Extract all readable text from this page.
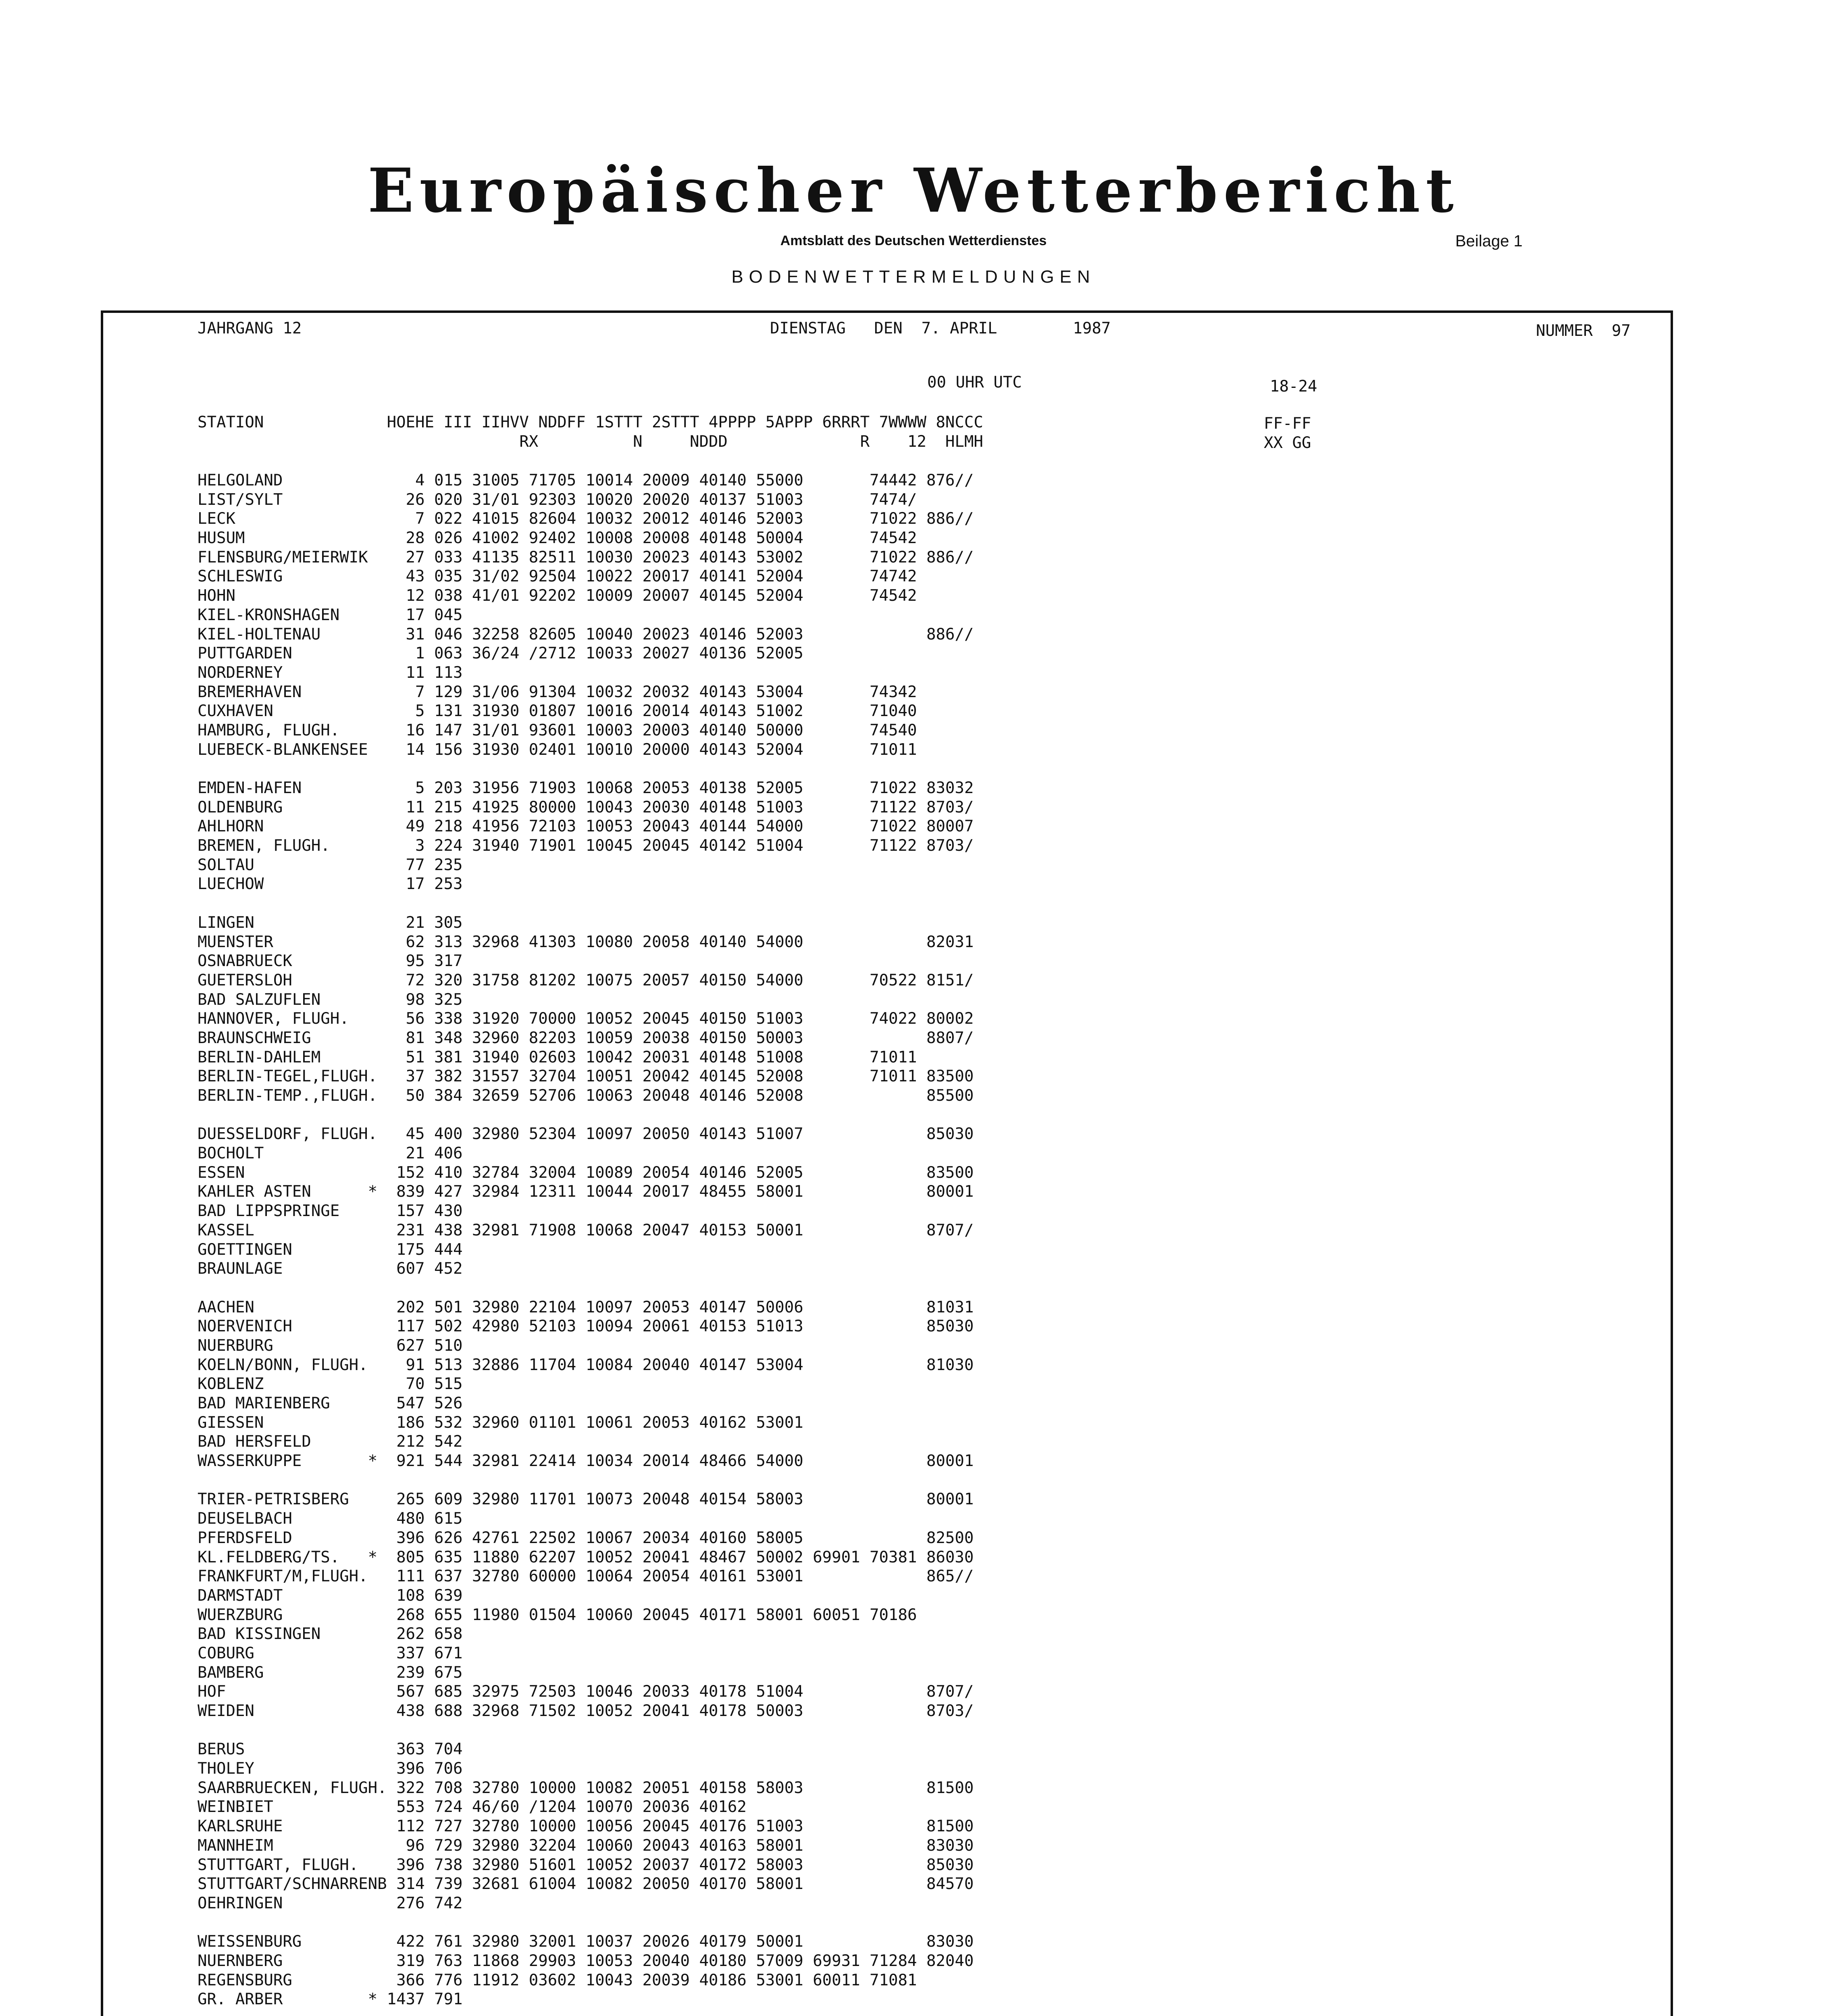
Europäischer Wetterbericht
Amtsblatt des Deutschen Wetterdienstes
BODENWETTERMELDUNGEN
Beilage 1
JAHRGANG 12	DIENSTAG   DEN  7. APRIL        1987	NUMMER  97
00 UHR UTC	18-24
STATION             HOEHE III IIHVV NDDFF 1STTT 2STTT 4PPPP 5APPP 6RRRT 7WWWW 8NCCC
RX          N     NDDD              R    12  HLMH
FF-FF
XX GG
HELGOLAND              4 015 31005 71705 10014 20009 40140 55000       74442 876//
LIST/SYLT             26 020 31/01 92303 10020 20020 40137 51003       7474/
LECK                   7 022 41015 82604 10032 20012 40146 52003       71022 886//
HUSUM                 28 026 41002 92402 10008 20008 40148 50004       74542
FLENSBURG/MEIERWIK    27 033 41135 82511 10030 20023 40143 53002       71022 886//
SCHLESWIG             43 035 31/02 92504 10022 20017 40141 52004       74742
HOHN                  12 038 41/01 92202 10009 20007 40145 52004       74542
KIEL-KRONSHAGEN       17 045
KIEL-HOLTENAU         31 046 32258 82605 10040 20023 40146 52003             886//
PUTTGARDEN             1 063 36/24 /2712 10033 20027 40136 52005
NORDERNEY             11 113
BREMERHAVEN            7 129 31/06 91304 10032 20032 40143 53004       74342
CUXHAVEN               5 131 31930 01807 10016 20014 40143 51002       71040
HAMBURG, FLUGH.       16 147 31/01 93601 10003 20003 40140 50000       74540
LUEBECK-BLANKENSEE    14 156 31930 02401 10010 20000 40143 52004       71011
EMDEN-HAFEN            5 203 31956 71903 10068 20053 40138 52005       71022 83032
OLDENBURG             11 215 41925 80000 10043 20030 40148 51003       71122 8703/
AHLHORN               49 218 41956 72103 10053 20043 40144 54000       71022 80007
BREMEN, FLUGH.         3 224 31940 71901 10045 20045 40142 51004       71122 8703/
SOLTAU                77 235
LUECHOW               17 253
LINGEN                21 305
MUENSTER              62 313 32968 41303 10080 20058 40140 54000             82031
OSNABRUECK            95 317
GUETERSLOH            72 320 31758 81202 10075 20057 40150 54000       70522 8151/
BAD SALZUFLEN         98 325
HANNOVER, FLUGH.      56 338 31920 70000 10052 20045 40150 51003       74022 80002
BRAUNSCHWEIG          81 348 32960 82203 10059 20038 40150 50003             8807/
BERLIN-DAHLEM         51 381 31940 02603 10042 20031 40148 51008       71011
BERLIN-TEGEL,FLUGH.   37 382 31557 32704 10051 20042 40145 52008       71011 83500
BERLIN-TEMP.,FLUGH.   50 384 32659 52706 10063 20048 40146 52008             85500
DUESSELDORF, FLUGH.   45 400 32980 52304 10097 20050 40143 51007             85030
BOCHOLT               21 406
ESSEN                152 410 32784 32004 10089 20054 40146 52005             83500
KAHLER ASTEN      *  839 427 32984 12311 10044 20017 48455 58001             80001
BAD LIPPSPRINGE      157 430
KASSEL               231 438 32981 71908 10068 20047 40153 50001             8707/
GOETTINGEN           175 444
BRAUNLAGE            607 452
AACHEN               202 501 32980 22104 10097 20053 40147 50006             81031
NOERVENICH           117 502 42980 52103 10094 20061 40153 51013             85030
NUERBURG             627 510
KOELN/BONN, FLUGH.    91 513 32886 11704 10084 20040 40147 53004             81030
KOBLENZ               70 515
BAD MARIENBERG       547 526
GIESSEN              186 532 32960 01101 10061 20053 40162 53001
BAD HERSFELD         212 542
WASSERKUPPE       *  921 544 32981 22414 10034 20014 48466 54000             80001
TRIER-PETRISBERG     265 609 32980 11701 10073 20048 40154 58003             80001
DEUSELBACH           480 615
PFERDSFELD           396 626 42761 22502 10067 20034 40160 58005             82500
KL.FELDBERG/TS.   *  805 635 11880 62207 10052 20041 48467 50002 69901 70381 86030
FRANKFURT/M,FLUGH.   111 637 32780 60000 10064 20054 40161 53001             865//
DARMSTADT            108 639
WUERZBURG            268 655 11980 01504 10060 20045 40171 58001 60051 70186
BAD KISSINGEN        262 658
COBURG               337 671
BAMBERG              239 675
HOF                  567 685 32975 72503 10046 20033 40178 51004             8707/
WEIDEN               438 688 32968 71502 10052 20041 40178 50003             8703/
BERUS                363 704
THOLEY               396 706
SAARBRUECKEN, FLUGH. 322 708 32780 10000 10082 20051 40158 58003             81500
WEINBIET             553 724 46/60 /1204 10070 20036 40162
KARLSRUHE            112 727 32780 10000 10056 20045 40176 51003             81500
MANNHEIM              96 729 32980 32204 10060 20043 40163 58001             83030
STUTTGART, FLUGH.    396 738 32980 51601 10052 20037 40172 58003             85030
STUTTGART/SCHNARRENB 314 739 32681 61004 10082 20050 40170 58001             84570
OEHRINGEN            276 742
WEISSENBURG          422 761 32980 32001 10037 20026 40179 50001             83030
NUERNBERG            319 763 11868 29903 10053 20040 40180 57009 69931 71284 82040
REGENSBURG           366 776 11912 03602 10043 20039 40186 53001 60011 71081
GR. ARBER         * 1437 791
